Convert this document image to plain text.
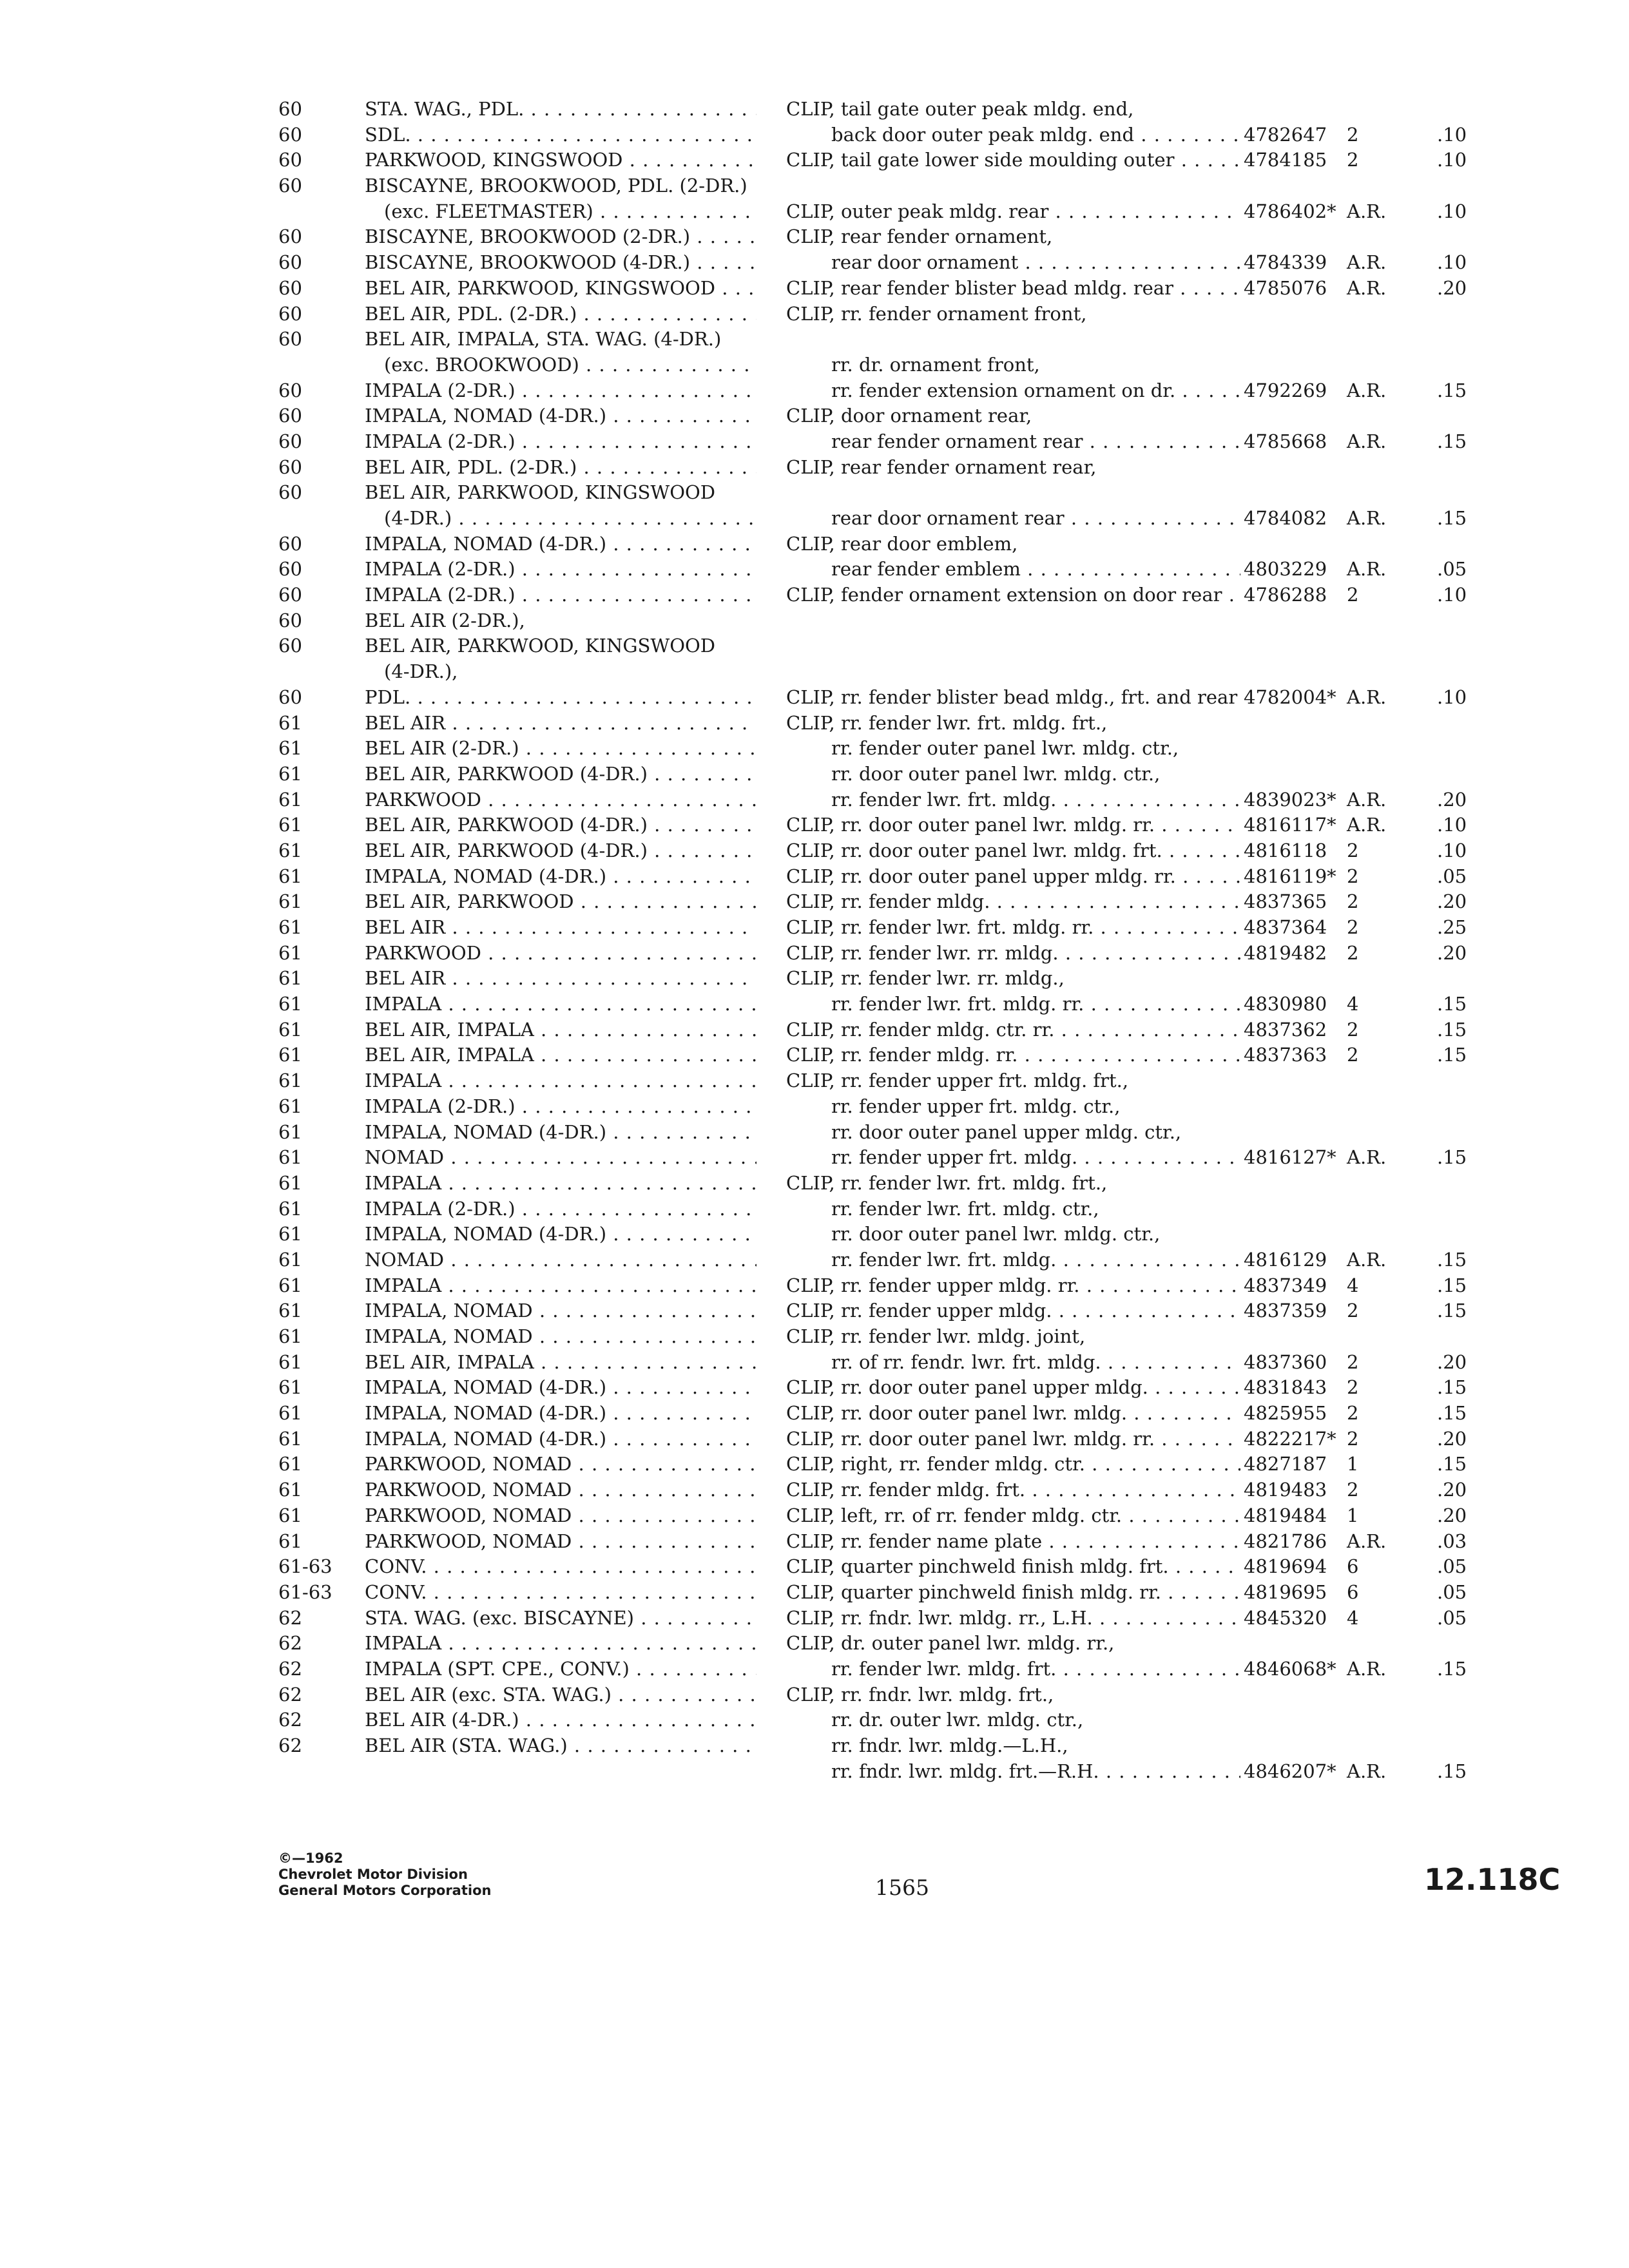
60	STA. WAG., PDL. . . .	CLIP, tail gate outer peak mldg. end,
60	SDL. . . .	back door outer peak mldg. end . . .	4782647 2	.10
60	PARKWOOD, KINGSWOOD . . .	CLIP, tail gate lower side moulding outer . . .	4784185 2	.10
60	BISCAYNE, BROOKWOOD, PDL. (2-DR.)
(exc. FLEETMASTER) . . .	CLIP, outer peak mldg. rear . . .	4786402* A.R.	.10
60	BISCAYNE, BROOKWOOD (2-DR.) . . .	CLIP, rear fender ornament,
60	BISCAYNE, BROOKWOOD (4-DR.) . . .	rear door ornament . . .	4784339 A.R.	.10
60	BEL AIR, PARKWOOD, KINGSWOOD . . .	CLIP, rear fender blister bead mldg. rear . . .	4785076 A.R.	.20
60	BEL AIR, PDL. (2-DR.) . . .	CLIP, rr. fender ornament front,
60	BEL AIR, IMPALA, STA. WAG. (4-DR.)
(exc. BROOKWOOD) . . .	rr. dr. ornament front,
60	IMPALA (2-DR.) . . .	rr. fender extension ornament on dr. . . .	4792269 A.R.	.15
60	IMPALA, NOMAD (4-DR.) . . .	CLIP, door ornament rear,
60	IMPALA (2-DR.) . . .	rear fender ornament rear . . .	4785668 A.R.	.15
60	BEL AIR, PDL. (2-DR.) . . .	CLIP, rear fender ornament rear,
60	BEL AIR, PARKWOOD, KINGSWOOD
(4-DR.) . . .	rear door ornament rear . . .	4784082 A.R.	.15
60	IMPALA, NOMAD (4-DR.) . . .	CLIP, rear door emblem,
60	IMPALA (2-DR.) . . .	rear fender emblem . . .	4803229 A.R.	.05
60	IMPALA (2-DR.) . . .	CLIP, fender ornament extension on door rear . . .	4786288 2	.10
60	BEL AIR (2-DR.),
60	BEL AIR, PARKWOOD, KINGSWOOD
(4-DR.),
60	PDL. . . .	CLIP, rr. fender blister bead mldg., frt. and rear . . . 4782004* A.R.	.10
61	BEL AIR . . .	CLIP, rr. fender lwr. frt. mldg. frt.,
61	BEL AIR (2-DR.) . . .	rr. fender outer panel lwr. mldg. ctr.,
61	BEL AIR, PARKWOOD (4-DR.) . . .	rr. door outer panel lwr. mldg. ctr.,
61	PARKWOOD . . .	rr. fender lwr. frt. mldg. . . .	4839023* A.R.	.20
61	BEL AIR, PARKWOOD (4-DR.) . . .	CLIP, rr. door outer panel lwr. mldg. rr. . . .	4816117* A.R.	.10
61	BEL AIR, PARKWOOD (4-DR.) . . .	CLIP, rr. door outer panel lwr. mldg. frt. . . .	4816118 2	.10
61	IMPALA, NOMAD (4-DR.) . . .	CLIP, rr. door outer panel upper mldg. rr. . . .	4816119* 2	.05
61	BEL AIR, PARKWOOD . . .	CLIP, rr. fender mldg. . . .	4837365 2	.20
61	BEL AIR . . .	CLIP, rr. fender lwr. frt. mldg. rr. . . .	4837364 2	.25
61	PARKWOOD . . .	CLIP, rr. fender lwr. rr. mldg. . . .	4819482 2	.20
61	BEL AIR . . .	CLIP, rr. fender lwr. rr. mldg.,
61	IMPALA . . .	rr. fender lwr. frt. mldg. rr. . . .	4830980 4	.15
61	BEL AIR, IMPALA . . .	CLIP, rr. fender mldg. ctr. rr. . . .	4837362 2	.15
61	BEL AIR, IMPALA . . .	CLIP, rr. fender mldg. rr. . . .	4837363 2	.15
61	IMPALA . . .	CLIP, rr. fender upper frt. mldg. frt.,
61	IMPALA (2-DR.) . . .	rr. fender upper frt. mldg. ctr.,
61	IMPALA, NOMAD (4-DR.) . . .	rr. door outer panel upper mldg. ctr.,
61	NOMAD . . .	rr. fender upper frt. mldg. . . .	4816127* A.R.	.15
61	IMPALA . . .	CLIP, rr. fender lwr. frt. mldg. frt.,
61	IMPALA (2-DR.) . . .	rr. fender lwr. frt. mldg. ctr.,
61	IMPALA, NOMAD (4-DR.) . . .	rr. door outer panel lwr. mldg. ctr.,
61	NOMAD . . .	rr. fender lwr. frt. mldg. . . .	4816129 A.R.	.15
61	IMPALA . . .	CLIP, rr. fender upper mldg. rr. . . .	4837349 4	.15
61	IMPALA, NOMAD . . .	CLIP, rr. fender upper mldg. . . .	4837359 2	.15
61	IMPALA, NOMAD . . .	CLIP, rr. fender lwr. mldg. joint,
61	BEL AIR, IMPALA . . .	rr. of rr. fendr. lwr. frt. mldg. . . .	4837360 2	.20
61	IMPALA, NOMAD (4-DR.) . . .	CLIP, rr. door outer panel upper mldg. . . .	4831843 2	.15
61	IMPALA, NOMAD (4-DR.) . . .	CLIP, rr. door outer panel lwr. mldg. . . .	4825955 2	.15
61	IMPALA, NOMAD (4-DR.) . . .	CLIP, rr. door outer panel lwr. mldg. rr. . . .	4822217* 2	.20
61	PARKWOOD, NOMAD . . .	CLIP, right, rr. fender mldg. ctr. . . .	4827187 1	.15
61	PARKWOOD, NOMAD . . .	CLIP, rr. fender mldg. frt. . . .	4819483 2	.20
61	PARKWOOD, NOMAD . . .	CLIP, left, rr. of rr. fender mldg. ctr. . . .	4819484 1	.20
61	PARKWOOD, NOMAD . . .	CLIP, rr. fender name plate . . .	4821786 A.R.	.03
61-63 CONV. . . .	CLIP, quarter pinchweld finish mldg. frt. . . .	4819694 6	.05
61-63 CONV. . . .	CLIP, quarter pinchweld finish mldg. rr. . . .	4819695 6	.05
62	STA. WAG. (exc. BISCAYNE) . . .	CLIP, rr. fndr. lwr. mldg. rr., L.H. . . .	4845320 4	.05
62	IMPALA . . .	CLIP, dr. outer panel lwr. mldg. rr.,
62	IMPALA (SPT. CPE., CONV.) . . .	rr. fender lwr. mldg. frt. . . .	4846068* A.R.	.15
62	BEL AIR (exc. STA. WAG.) . . .	CLIP, rr. fndr. lwr. mldg. frt.,
62	BEL AIR (4-DR.) . . .	rr. dr. outer lwr. mldg. ctr.,
62	BEL AIR (STA. WAG.) . . .	rr. fndr. lwr. mldg.—L.H.,
rr. fndr. lwr. mldg. frt.—R.H. . . .	4846207* A.R.	.15
©—1962
Chevrolet Motor Division
General Motors Corporation	1565	12.118C
